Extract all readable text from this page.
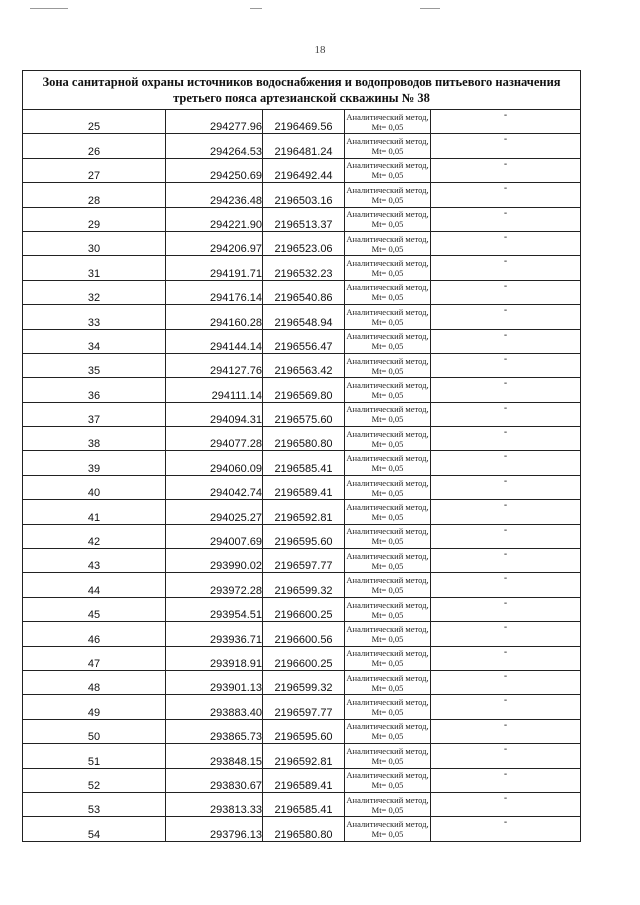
18
Зона санитарной охраны источников водоснабжения и водопроводов питьевого назначения
третьего пояса артезианской скважины № 38				

25	294277.96	2196469.56	Аналитический метод,
Mt= 0,05	-
26	294264.53	2196481.24	Аналитический метод,
Mt= 0,05	-
27	294250.69	2196492.44	Аналитический метод,
Mt= 0,05	-
28	294236.48	2196503.16	Аналитический метод,
Mt= 0,05	-
29	294221.90	2196513.37	Аналитический метод,
Mt= 0,05	-
30	294206.97	2196523.06	Аналитический метод,
Mt= 0,05	-
31	294191.71	2196532.23	Аналитический метод,
Mt= 0,05	-
32	294176.14	2196540.86	Аналитический метод,
Mt= 0,05	-
33	294160.28	2196548.94	Аналитический метод,
Mt= 0,05	-
34	294144.14	2196556.47	Аналитический метод,
Mt= 0,05	-
35	294127.76	2196563.42	Аналитический метод,
Mt= 0,05	-
36	294111.14	2196569.80	Аналитический метод,
Mt= 0,05	-
37	294094.31	2196575.60	Аналитический метод,
Mt= 0,05	-
38	294077.28	2196580.80	Аналитический метод,
Mt= 0,05	-
39	294060.09	2196585.41	Аналитический метод,
Mt= 0,05	-
40	294042.74	2196589.41	Аналитический метод,
Mt= 0,05	-
41	294025.27	2196592.81	Аналитический метод,
Mt= 0,05	-
42	294007.69	2196595.60	Аналитический метод,
Mt= 0,05	-
43	293990.02	2196597.77	Аналитический метод,
Mt= 0,05	-
44	293972.28	2196599.32	Аналитический метод,
Mt= 0,05	-
45	293954.51	2196600.25	Аналитический метод,
Mt= 0,05	-
46	293936.71	2196600.56	Аналитический метод,
Mt= 0,05	-
47	293918.91	2196600.25	Аналитический метод,
Mt= 0,05	-
48	293901.13	2196599.32	Аналитический метод,
Mt= 0,05	-
49	293883.40	2196597.77	Аналитический метод,
Mt= 0,05	-
50	293865.73	2196595.60	Аналитический метод,
Mt= 0,05	-
51	293848.15	2196592.81	Аналитический метод,
Mt= 0,05	-
52	293830.67	2196589.41	Аналитический метод,
Mt= 0,05	-
53	293813.33	2196585.41	Аналитический метод,
Mt= 0,05	-
54	293796.13	2196580.80	Аналитический метод,
Mt= 0,05	-
